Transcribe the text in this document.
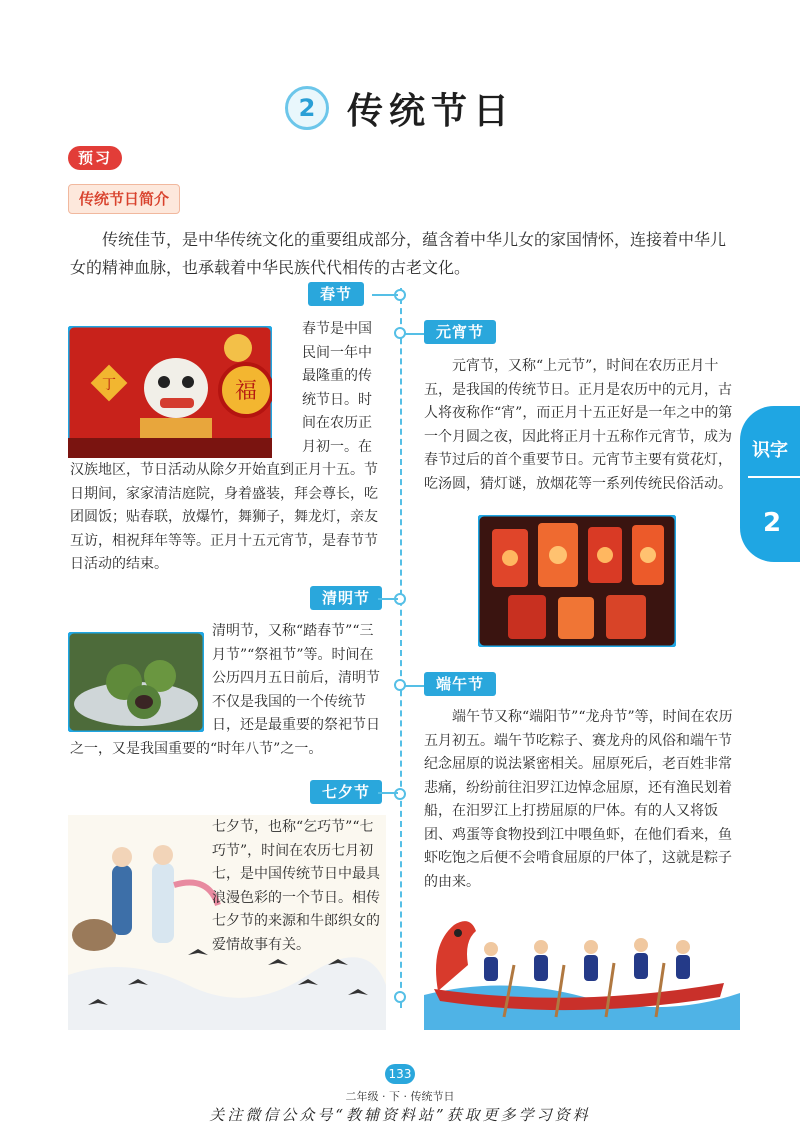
2 传统节日
预习
传统节日简介
传统佳节，是中华传统文化的重要组成部分，蕴含着中华儿女的家国情怀，连接着中华儿女的精神血脉，也承载着中华民族代代相传的古老文化。
春节
福
丁
春节是中国民间一年中最隆重的传统节日。时间在农历正月初一。在汉族地区，节日活动从除夕开始直到正月十五。节日期间，家家清洁庭院，身着盛装，拜会尊长，吃团圆饭；贴春联，放爆竹，舞狮子，舞龙灯，亲友互访，相祝拜年等等。正月十五元宵节，是春节节日活动的结束。
元宵节
元宵节，又称“上元节”，时间在农历正月十五，是我国的传统节日。正月是农历中的元月，古人将夜称作“宵”，而正月十五正好是一年之中的第一个月圆之夜，因此将正月十五称作元宵节，成为春节过后的首个重要节日。元宵节主要有赏花灯，吃汤圆，猜灯谜，放烟花等一系列传统民俗活动。
清明节
清明节，又称“踏春节”“三月节”“祭祖节”等。时间在公历四月五日前后，清明节不仅是我国的一个传统节日，还是最重要的祭祀节日之一，又是我国重要的“时年八节”之一。
端午节
端午节又称“端阳节”“龙舟节”等，时间在农历五月初五。端午节吃粽子、赛龙舟的风俗和端午节纪念屈原的说法紧密相关。屈原死后，老百姓非常悲痛，纷纷前往汨罗江边悼念屈原，还有渔民划着船，在汨罗江上打捞屈原的尸体。有的人又将饭团、鸡蛋等食物投到江中喂鱼虾，在他们看来，鱼虾吃饱之后便不会啃食屈原的尸体了，这就是粽子的由来。
七夕节
七夕节，也称“乞巧节”“七巧节”，时间在农历七月初七，是中国传统节日中最具浪漫色彩的一个节日。相传七夕节的来源和牛郎织女的爱情故事有关。
识字
2
133
二年级 · 下 · 传统节日
关注微信公众号“教辅资料站”获取更多学习资料
